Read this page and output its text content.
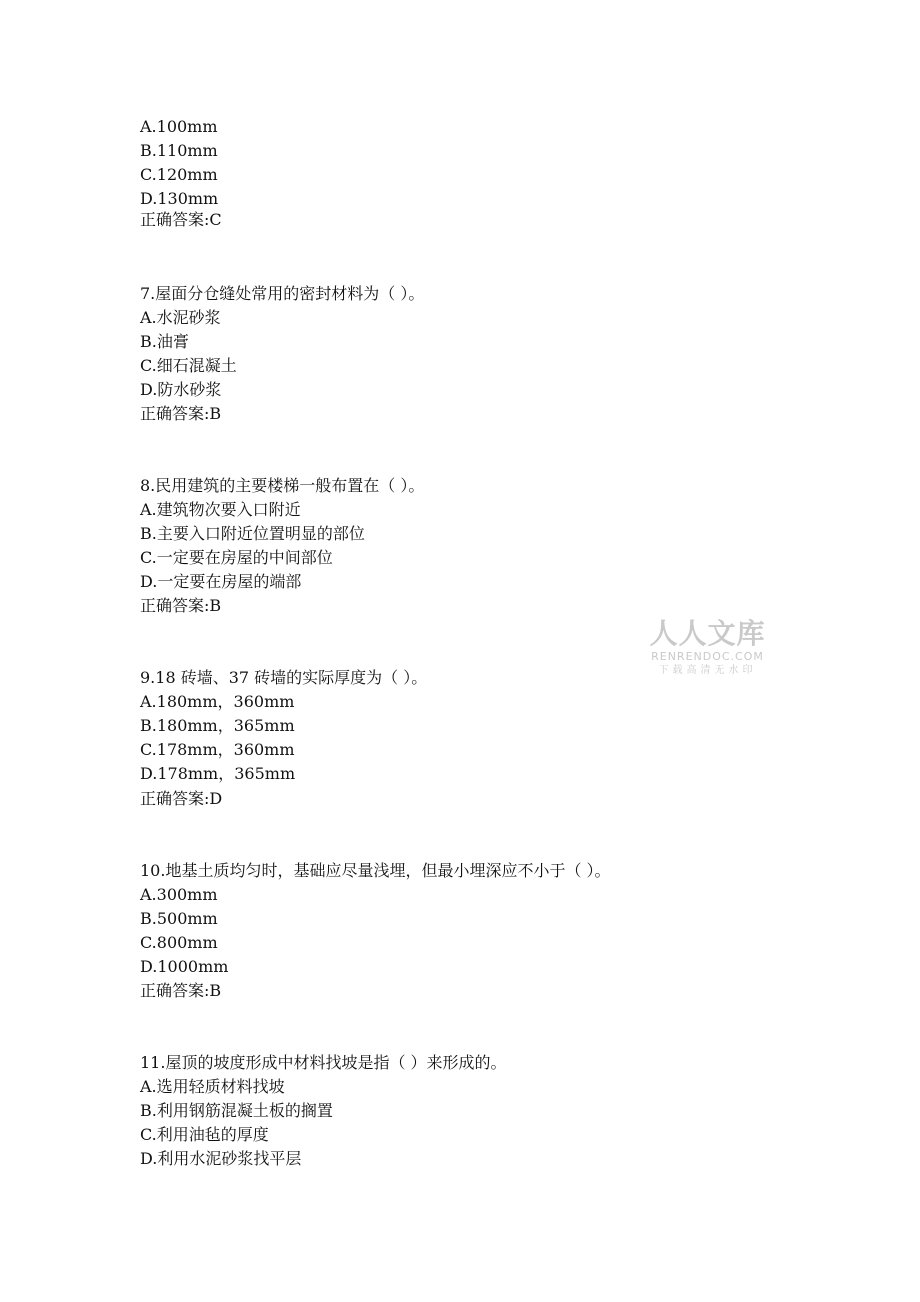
A.100mm
B.110mm
C.120mm
D.130mm
正确答案:C
7.屋面分仓缝处常用的密封材料为（ ）。
A.水泥砂浆
B.油膏
C.细石混凝土
D.防水砂浆
正确答案:B
8.民用建筑的主要楼梯一般布置在（ ）。
A.建筑物次要入口附近
B.主要入口附近位置明显的部位
C.一定要在房屋的中间部位
D.一定要在房屋的端部
正确答案:B
9.18 砖墙、37 砖墙的实际厚度为（ ）。
A.180mm，360mm
B.180mm，365mm
C.178mm，360mm
D.178mm，365mm
正确答案:D
10.地基土质均匀时，基础应尽量浅埋，但最小埋深应不小于（ ）。
A.300mm
B.500mm
C.800mm
D.1000mm
正确答案:B
11.屋顶的坡度形成中材料找坡是指（ ）来形成的。
A.选用轻质材料找坡
B.利用钢筋混凝土板的搁置
C.利用油毡的厚度
D.利用水泥砂浆找平层
人人文库
RENRENDOC.COM
下载高清无水印
